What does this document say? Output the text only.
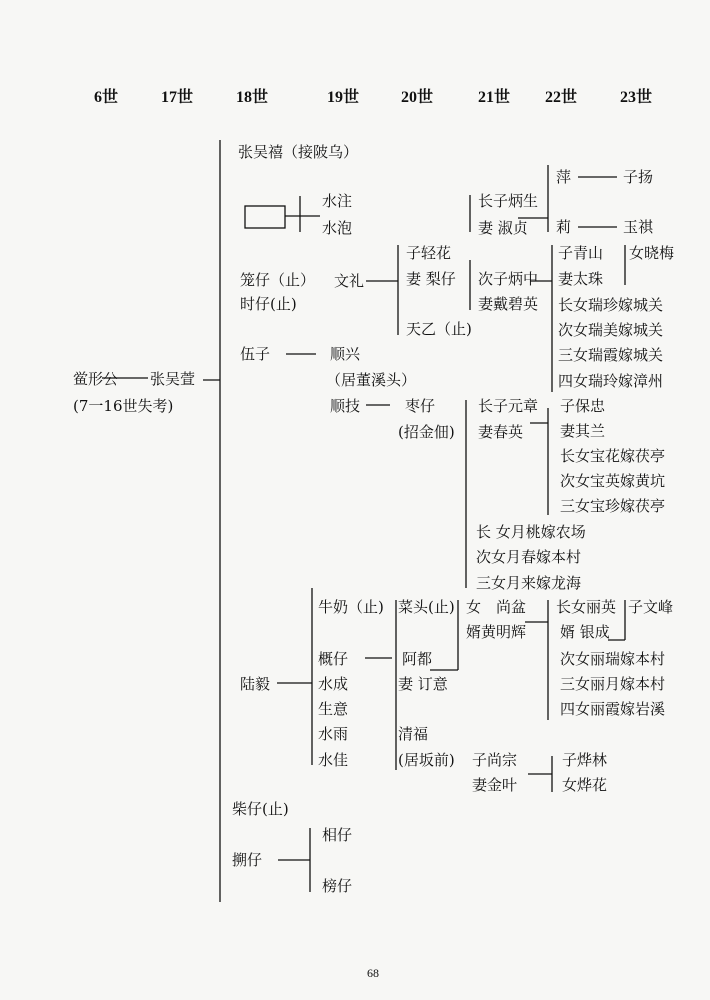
6世	17世	18世	19世	20世	21世 22世	23世
鲎形公 张吴萱
(7一16世失考)
张吴禧（接陂乌）
水注
水泡
长子炳生
妻 淑贞
萍	子扬
莉	玉祺
笼仔（止）
时仔(止)
文礼
子轻花
妻 梨仔
天乙（止)
次子炳中
妻戴碧英
子青山 女晓梅
妻太珠
长女瑞珍嫁城关
次女瑞美嫁城关
三女瑞霞嫁城关
四女瑞玲嫁漳州
伍子	顺兴
（居董溪头）
顺技	枣仔
(招金佃)
长子元章
妻春英
子保忠
妻其兰
长女宝花嫁茯亭
次女宝英嫁黄坑
三女宝珍嫁茯亭
长 女月桃嫁农场
次女月春嫁本村
三女月来嫁龙海
牛奶（止)
概仔
水成
生意
水雨
水佳
陆毅
菜头(止)
阿都
妻 订意
清福
(居坂前)
女　尚盆
婿黄明辉
长女丽英
婿 银成
子文峰
次女丽瑞嫁本村
三女丽月嫁本村
四女丽霞嫁岩溪
子尚宗
妻金叶
子烨林
女烨花
柴仔(止)
搠仔
相仔
榜仔
68
